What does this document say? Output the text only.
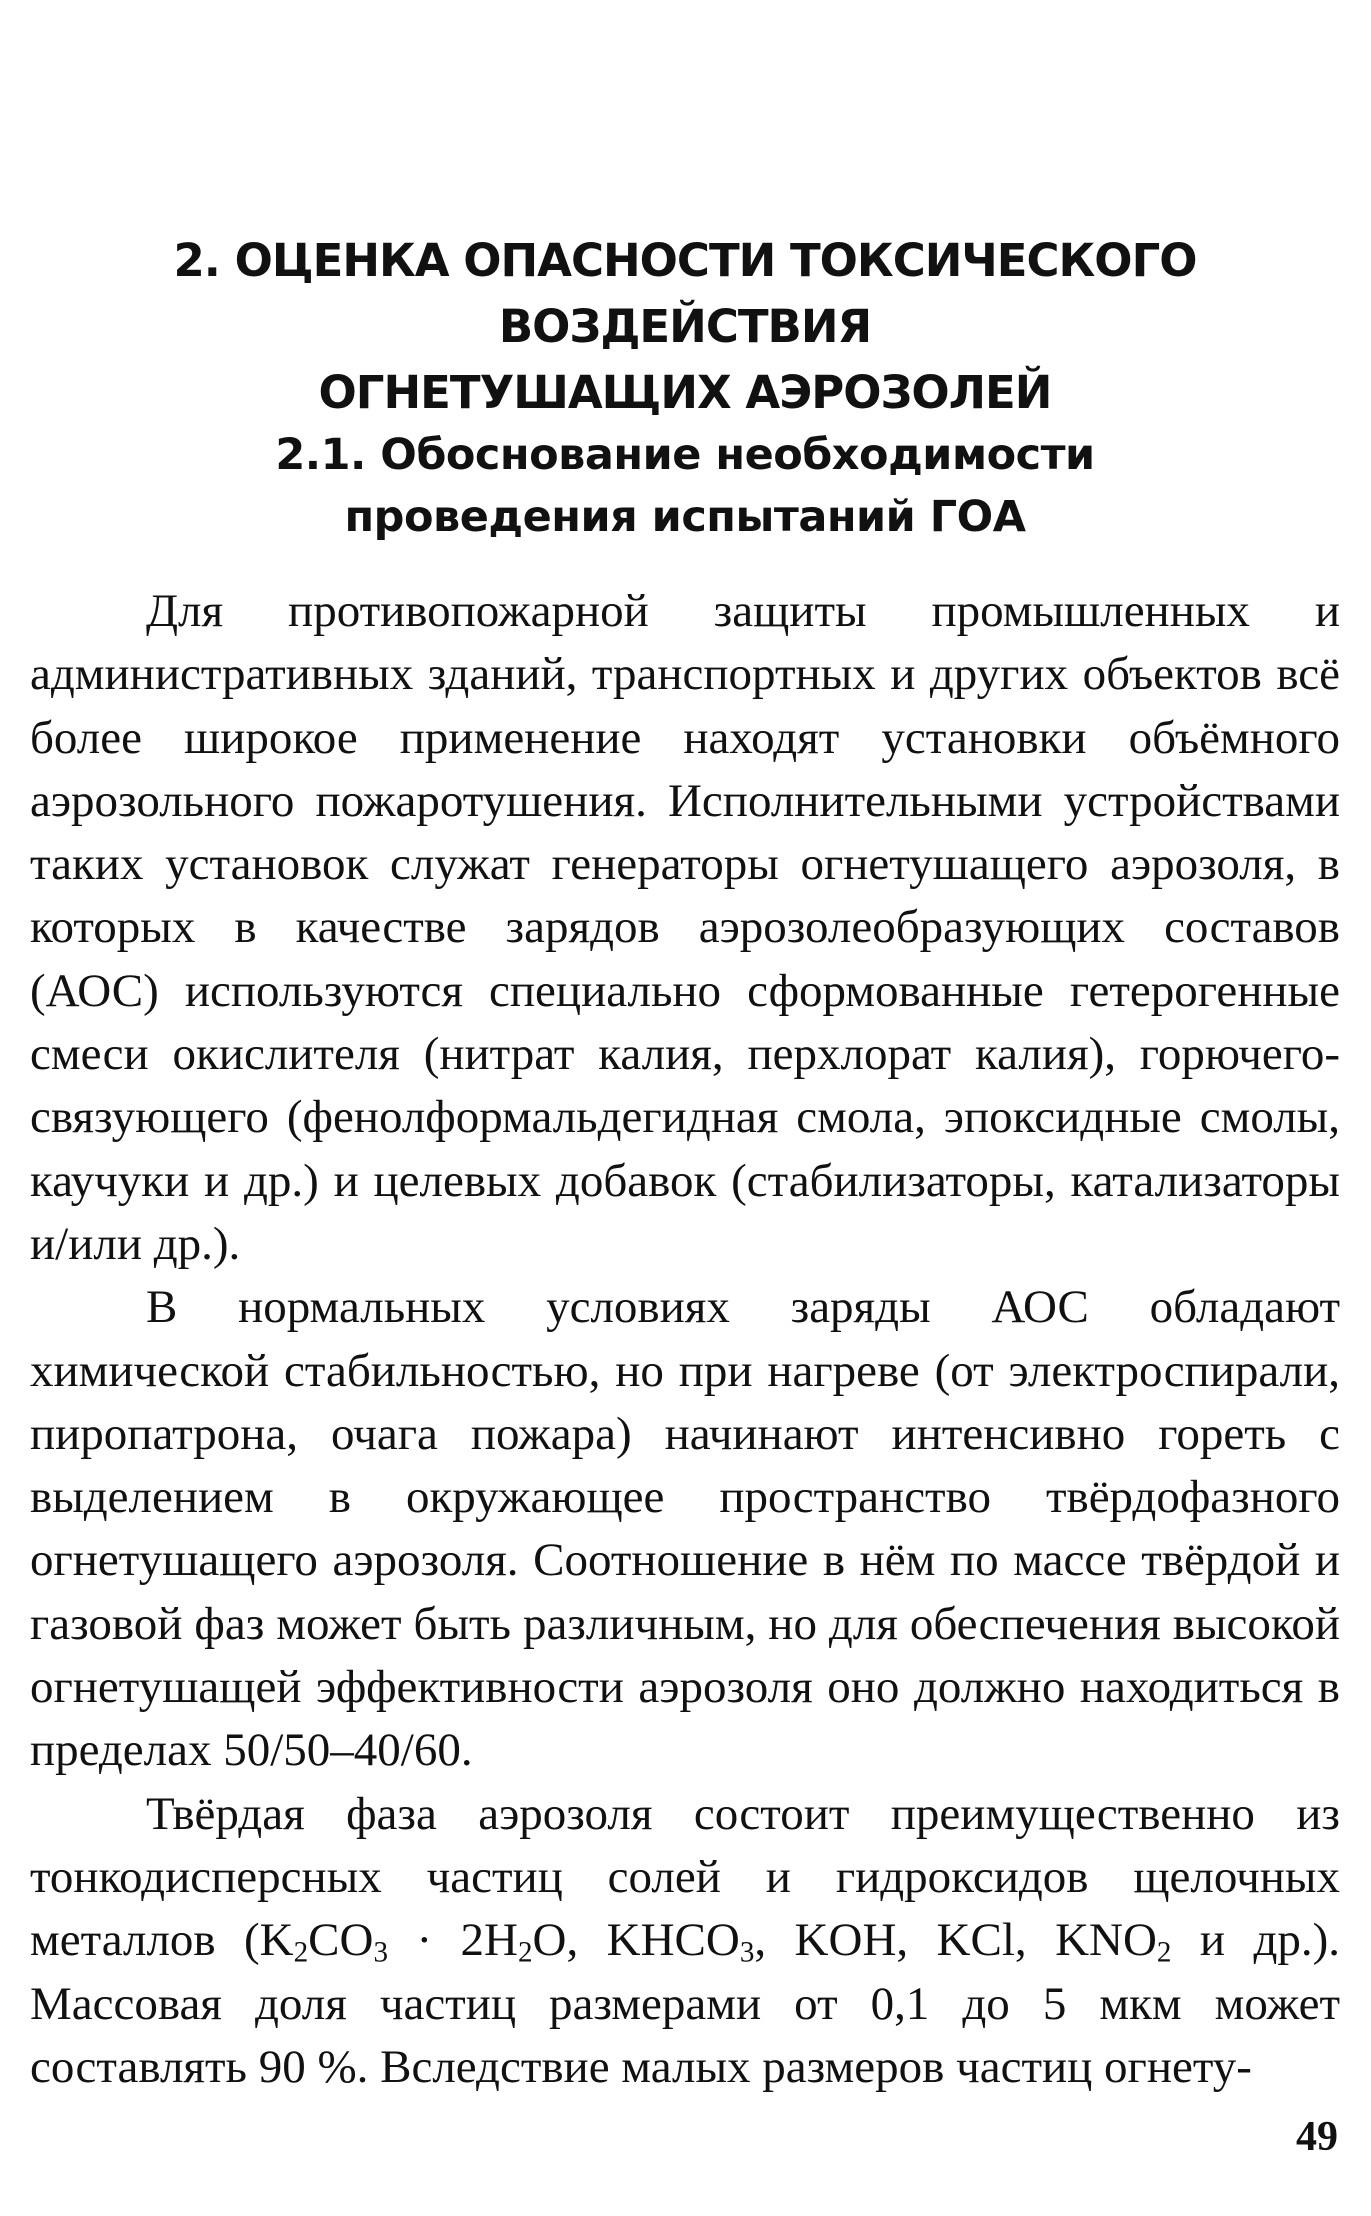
2. ОЦЕНКА ОПАСНОСТИ ТОКСИЧЕСКОГО ВОЗДЕЙСТВИЯ
ОГНЕТУШАЩИХ АЭРОЗОЛЕЙ
2.1. Обоснование необходимости
проведения испытаний ГОА

Для противопожарной защиты промышленных и административных зданий, транспортных и других объектов всё более широкое применение находят установки объёмного аэрозольного пожаротушения. Исполнительными устройствами таких установок служат генераторы огнетушащего аэрозоля, в которых в качестве зарядов аэрозолеобразующих составов (АОС) используются специально сформованные гетерогенные смеси окислителя (нитрат калия, перхлорат калия), горючего-связующего (фенолформальдегидная смола, эпоксидные смолы, каучуки и др.) и целевых добавок (стабилизаторы, катализаторы и/или др.).

В нормальных условиях заряды АОС обладают химической стабильностью, но при нагреве (от электроспирали, пиропатрона, очага пожара) начинают интенсивно гореть с выделением в окружающее пространство твёрдофазного огнетушащего аэрозоля. Соотношение в нём по массе твёрдой и газовой фаз может быть различным, но для обеспечения высокой огнетушащей эффективности аэрозоля оно должно находиться в пределах 50/50–40/60.

Твёрдая фаза аэрозоля состоит преимущественно из тонкодисперсных частиц солей и гидроксидов щелочных металлов ($K_2CO_3 \cdot 2H_2O$, $KHCO_3$, KOH, KCl, $KNO_2$ и др.). Массовая доля частиц размерами от 0,1 до 5 мкм может составлять 90 %. Вследствие малых размеров частиц огнету-

49
